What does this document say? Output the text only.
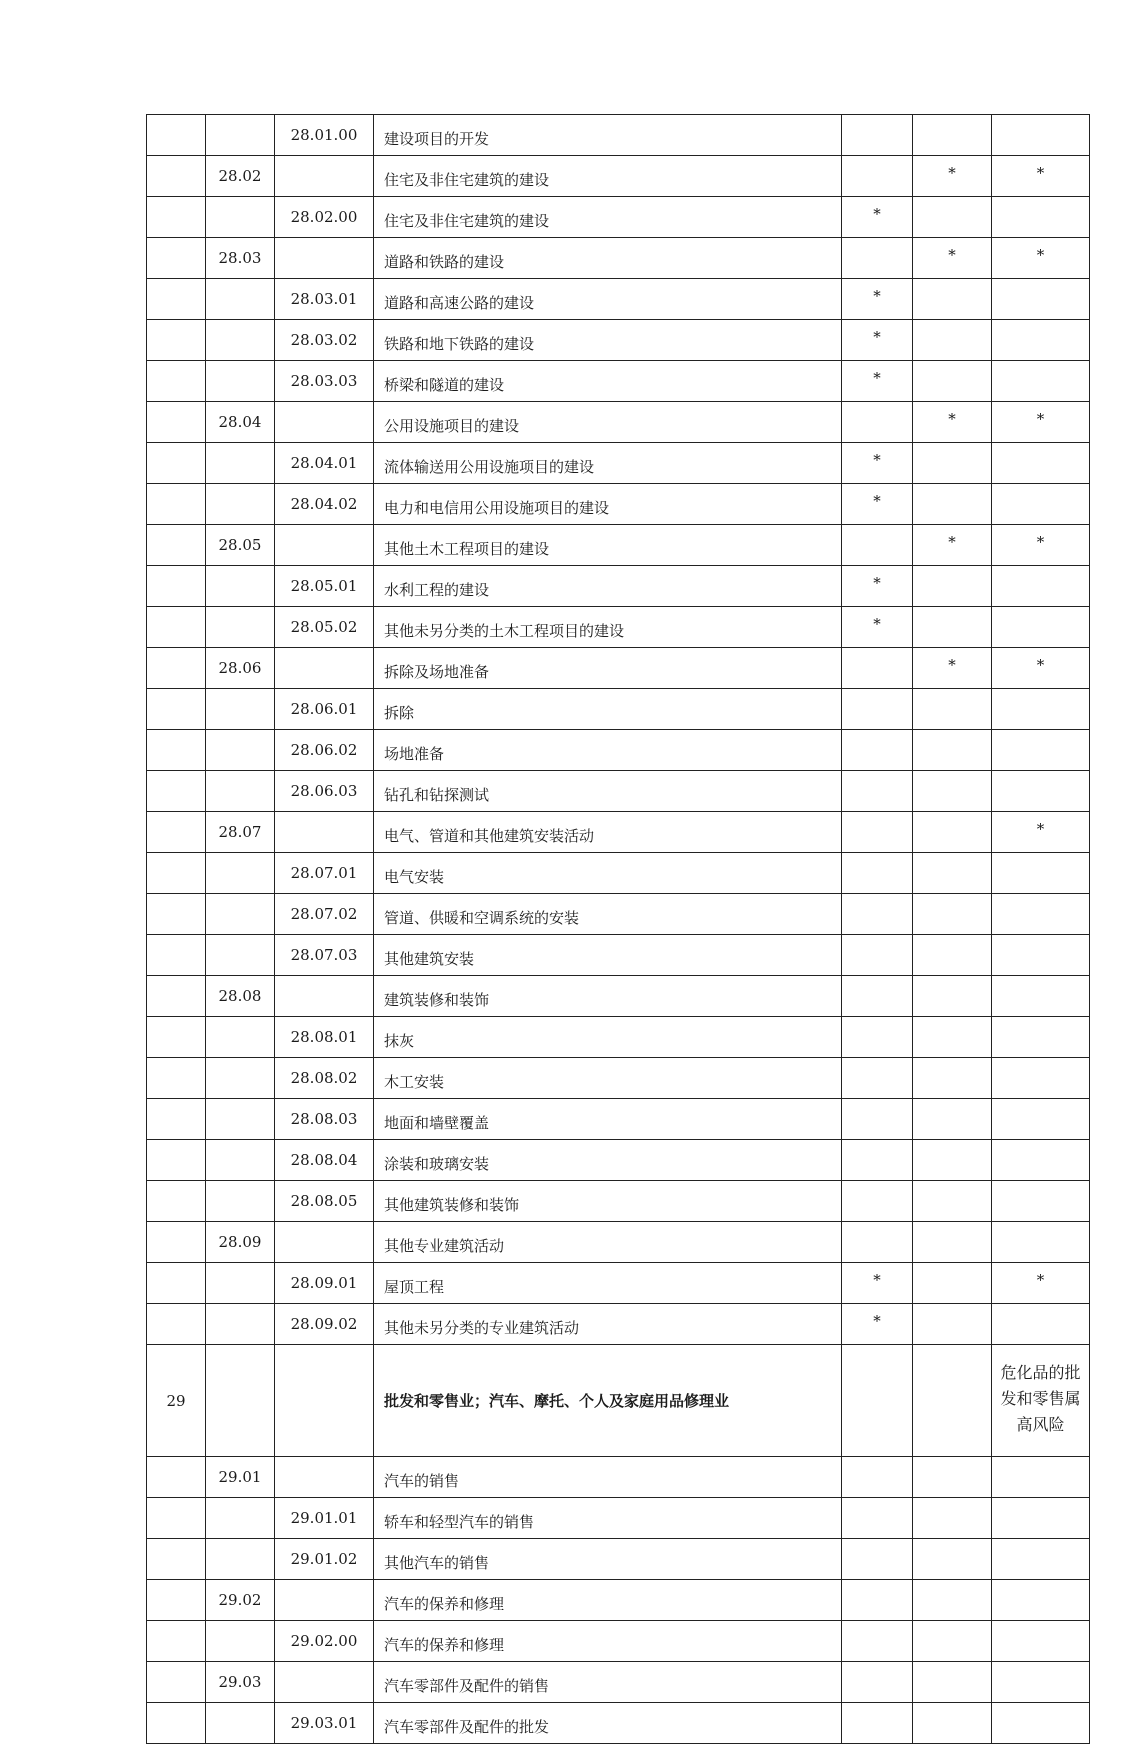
		28.01.00	建设项目的开发			
	28.02		住宅及非住宅建筑的建设		*	*
		28.02.00	住宅及非住宅建筑的建设	*		
	28.03		道路和铁路的建设		*	*
		28.03.01	道路和高速公路的建设	*		
		28.03.02	铁路和地下铁路的建设	*		
		28.03.03	桥梁和隧道的建设	*		
	28.04		公用设施项目的建设		*	*
		28.04.01	流体输送用公用设施项目的建设	*		
		28.04.02	电力和电信用公用设施项目的建设	*		
	28.05		其他土木工程项目的建设		*	*
		28.05.01	水利工程的建设	*		
		28.05.02	其他未另分类的土木工程项目的建设	*		
	28.06		拆除及场地准备		*	*
		28.06.01	拆除			
		28.06.02	场地准备			
		28.06.03	钻孔和钻探测试			
	28.07		电气、管道和其他建筑安装活动			*
		28.07.01	电气安装			
		28.07.02	管道、供暖和空调系统的安装			
		28.07.03	其他建筑安装			
	28.08		建筑装修和装饰			
		28.08.01	抹灰			
		28.08.02	木工安装			
		28.08.03	地面和墙壁覆盖			
		28.08.04	涂装和玻璃安装			
		28.08.05	其他建筑装修和装饰			
	28.09		其他专业建筑活动			
		28.09.01	屋顶工程	*		*
		28.09.02	其他未另分类的专业建筑活动	*		
29			批发和零售业；汽车、摩托、个人及家庭用品修理业			危化品的批发和零售属高风险
	29.01		汽车的销售			
		29.01.01	轿车和轻型汽车的销售			
		29.01.02	其他汽车的销售			
	29.02		汽车的保养和修理			
		29.02.00	汽车的保养和修理			
	29.03		汽车零部件及配件的销售			
		29.03.01	汽车零部件及配件的批发			
